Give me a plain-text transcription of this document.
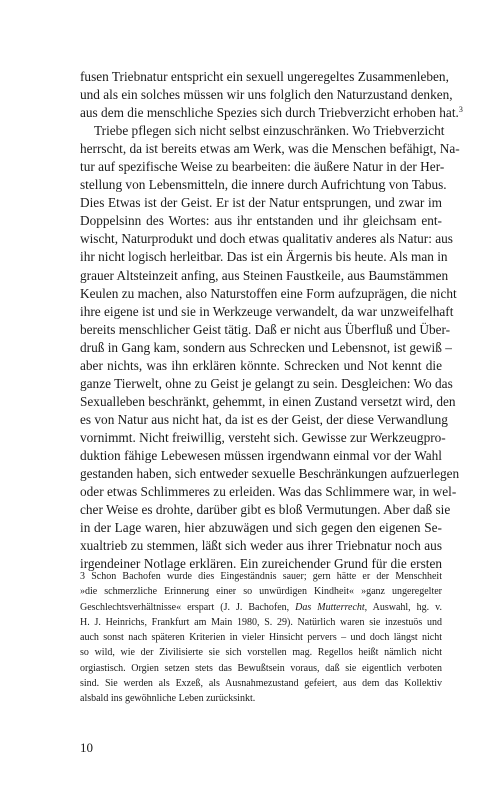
fusen Triebnatur entspricht ein sexuell ungeregeltes Zusammenleben,
und als ein solches müssen wir uns folglich den Naturzustand denken,
aus dem die menschliche Spezies sich durch Triebverzicht erhoben hat.$^3$
Triebe pflegen sich nicht selbst einzuschränken. Wo Triebverzicht
herrscht, da ist bereits etwas am Werk, was die Menschen befähigt, Na-
tur auf spezifische Weise zu bearbeiten: die äußere Natur in der Her-
stellung von Lebensmitteln, die innere durch Aufrichtung von Tabus.
Dies Etwas ist der Geist. Er ist der Natur entsprungen, und zwar im
Doppelsinn des Wortes: aus ihr entstanden und ihr gleichsam ent-
wischt, Naturprodukt und doch etwas qualitativ anderes als Natur: aus
ihr nicht logisch herleitbar. Das ist ein Ärgernis bis heute. Als man in
grauer Altsteinzeit anfing, aus Steinen Faustkeile, aus Baumstämmen
Keulen zu machen, also Naturstoffen eine Form aufzuprägen, die nicht
ihre eigene ist und sie in Werkzeuge verwandelt, da war unzweifelhaft
bereits menschlicher Geist tätig. Daß er nicht aus Überfluß und Über-
druß in Gang kam, sondern aus Schrecken und Lebensnot, ist gewiß –
aber nichts, was ihn erklären könnte. Schrecken und Not kennt die
ganze Tierwelt, ohne zu Geist je gelangt zu sein. Desgleichen: Wo das
Sexualleben beschränkt, gehemmt, in einen Zustand versetzt wird, den
es von Natur aus nicht hat, da ist es der Geist, der diese Verwandlung
vornimmt. Nicht freiwillig, versteht sich. Gewisse zur Werkzeugpro-
duktion fähige Lebewesen müssen irgendwann einmal vor der Wahl
gestanden haben, sich entweder sexuelle Beschränkungen aufzuerlegen
oder etwas Schlimmeres zu erleiden. Was das Schlimmere war, in wel-
cher Weise es drohte, darüber gibt es bloß Vermutungen. Aber daß sie
in der Lage waren, hier abzuwägen und sich gegen den eigenen Se-
xualtrieb zu stemmen, läßt sich weder aus ihrer Triebnatur noch aus
irgendeiner Notlage erklären. Ein zureichender Grund für die ersten
3 Schon Bachofen wurde dies Eingeständnis sauer; gern hätte er der Menschheit
»die schmerzliche Erinnerung einer so unwürdigen Kindheit« »ganz ungeregelter
Geschlechtsverhältnisse« erspart (J. J. Bachofen, Das Mutterrecht, Auswahl, hg. v.
H. J. Heinrichs, Frankfurt am Main 1980, S. 29). Natürlich waren sie inzestuös und
auch sonst nach späteren Kriterien in vieler Hinsicht pervers – und doch längst nicht
so wild, wie der Zivilisierte sie sich vorstellen mag. Regellos heißt nämlich nicht
orgiastisch. Orgien setzen stets das Bewußtsein voraus, daß sie eigentlich verboten
sind. Sie werden als Exzeß, als Ausnahmezustand gefeiert, aus dem das Kollektiv
alsbald ins gewöhnliche Leben zurücksinkt.
10
